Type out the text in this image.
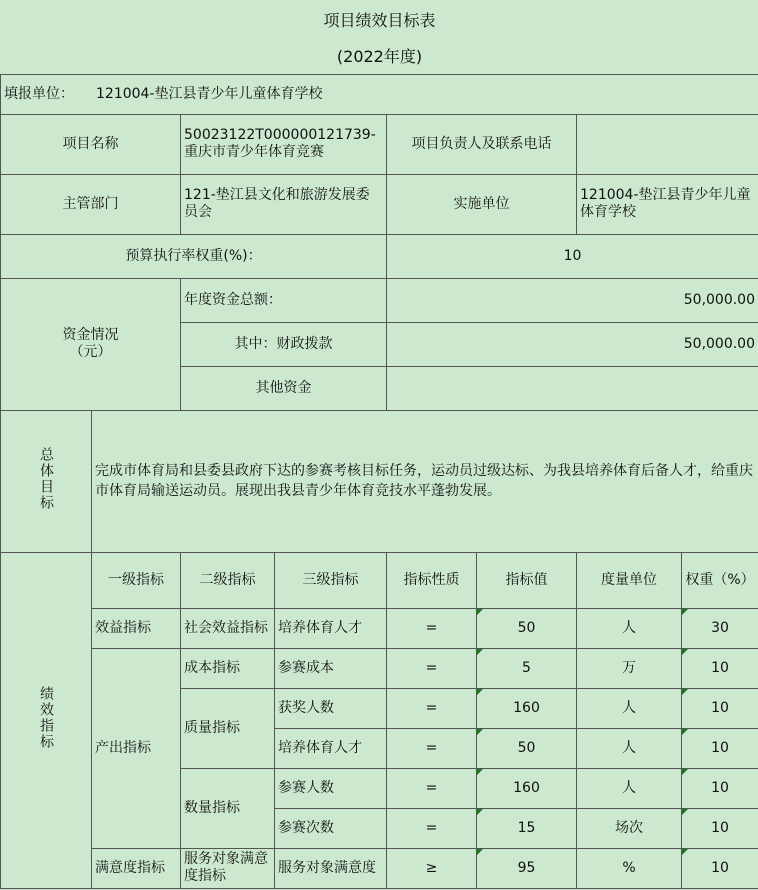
项目绩效目标表							
(2022年度)							
填报单位： 121004-垫江县青少年儿童体育学校							
项目名称		50023122T000000121739-重庆市青少年体育竞赛		项目负责人及联系电话			
主管部门		121-垫江县文化和旅游发展委员会		实施单位		121004-垫江县青少年儿童体育学校	
预算执行率权重(%)：				10			
资金情况
（元）		年度资金总额：		50,000.00			
		其中：财政拨款		50,000.00			
		其他资金					
总体目标	完成市体育局和县委县政府下达的参赛考核目标任务，运动员过级达标、为我县培养体育后备人才，给重庆市体育局输送运动员。展现出我县青少年体育竞技水平蓬勃发展。						
绩效指标	一级指标	二级指标	三级指标	指标性质	指标值	度量单位	权重（%）
	效益指标	社会效益指标	培养体育人才	=	50	人	30
	产出指标	成本指标	参赛成本	=	5	万	10
		质量指标	获奖人数	=	160	人	10
			培养体育人才	=	50	人	10
		数量指标	参赛人数	=	160	人	10
			参赛次数	=	15	场次	10
	满意度指标	服务对象满意度指标	服务对象满意度	≥	95	%	10
